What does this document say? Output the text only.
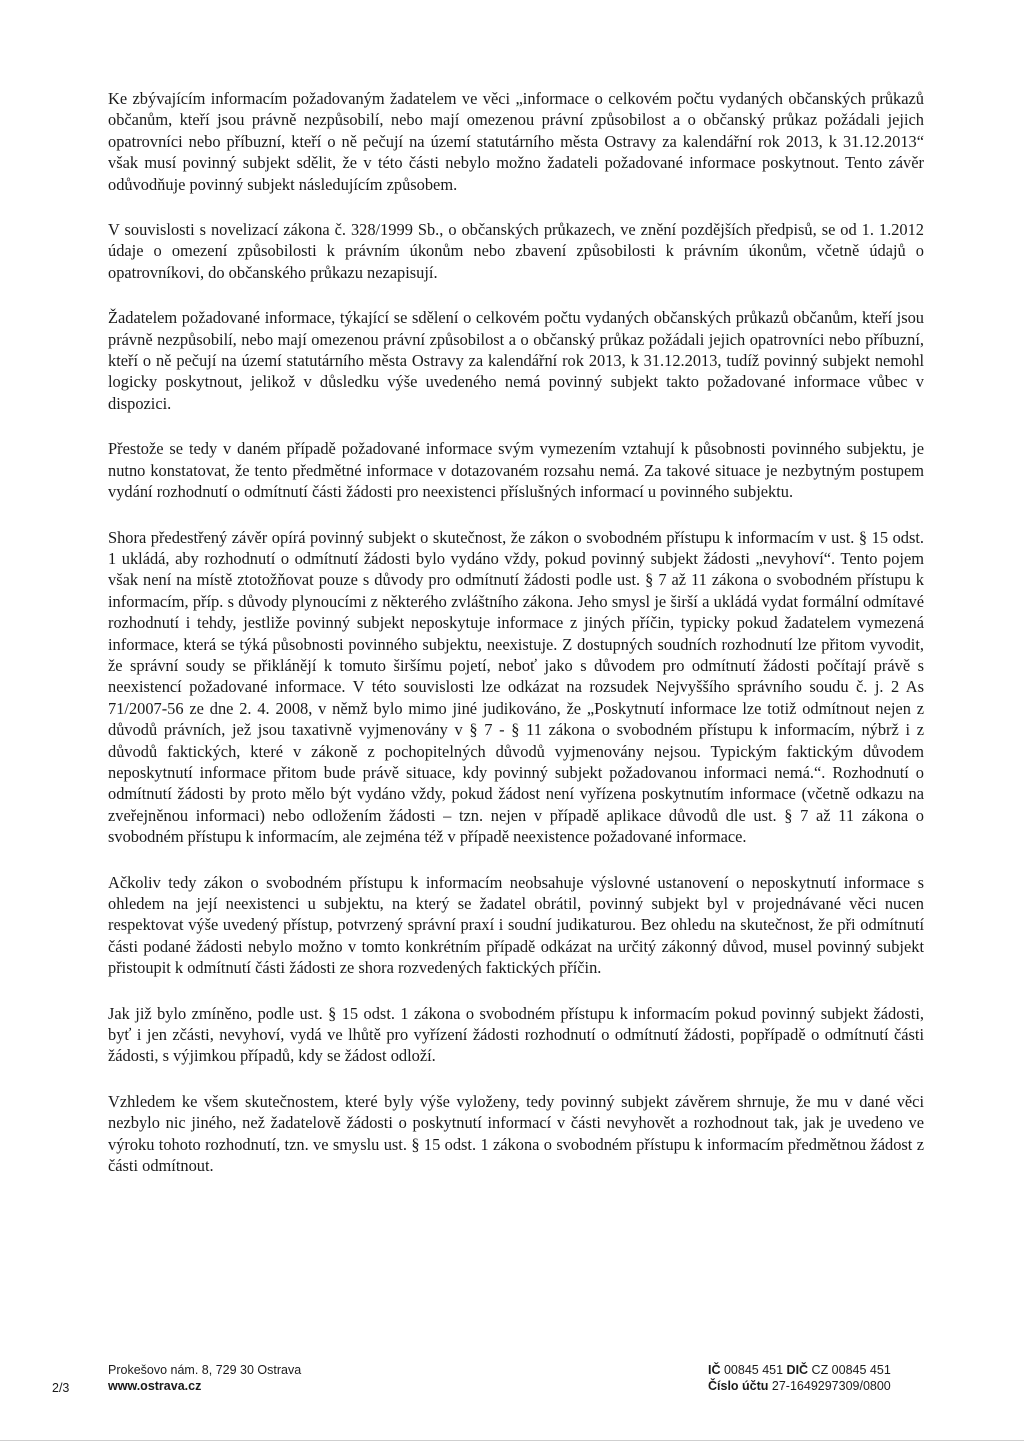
Ke zbývajícím informacím požadovaným žadatelem ve věci „informace o celkovém počtu vydaných občanských průkazů občanům, kteří jsou právně nezpůsobilí, nebo mají omezenou právní způsobilost a o občanský průkaz požádali jejich opatrovníci nebo příbuzní, kteří o ně pečují na území statutárního města Ostravy za kalendářní rok 2013, k 31.12.2013“ však musí povinný subjekt sdělit, že v této části nebylo možno žadateli požadované informace poskytnout. Tento závěr odůvodňuje povinný subjekt následujícím způsobem.

V souvislosti s novelizací zákona č. 328/1999 Sb., o občanských průkazech, ve znění pozdějších předpisů, se od 1. 1.2012 údaje o omezení způsobilosti k právním úkonům nebo zbavení způsobilosti k právním úkonům, včetně údajů o opatrovníkovi, do občanského průkazu nezapisují.

Žadatelem požadované informace, týkající se sdělení o celkovém počtu vydaných občanských průkazů občanům, kteří jsou právně nezpůsobilí, nebo mají omezenou právní způsobilost a o občanský průkaz požádali jejich opatrovníci nebo příbuzní, kteří o ně pečují na území statutárního města Ostravy za kalendářní rok 2013, k 31.12.2013, tudíž povinný subjekt nemohl logicky poskytnout, jelikož v důsledku výše uvedeného nemá povinný subjekt takto požadované informace vůbec v dispozici.

Přestože se tedy v daném případě požadované informace svým vymezením vztahují k působnosti povinného subjektu, je nutno konstatovat, že tento předmětné informace v dotazovaném rozsahu nemá. Za takové situace je nezbytným postupem vydání rozhodnutí o odmítnutí části žádosti pro neexistenci příslušných informací u povinného subjektu.

Shora předestřený závěr opírá povinný subjekt o skutečnost, že zákon o svobodném přístupu k informacím v ust. § 15 odst. 1 ukládá, aby rozhodnutí o odmítnutí žádosti bylo vydáno vždy, pokud povinný subjekt žádosti „nevyhoví“. Tento pojem však není na místě ztotožňovat pouze s důvody pro odmítnutí žádosti podle ust. § 7 až 11 zákona o svobodném přístupu k informacím, příp. s důvody plynoucími z některého zvláštního zákona. Jeho smysl je širší a ukládá vydat formální odmítavé rozhodnutí i tehdy, jestliže povinný subjekt neposkytuje informace z jiných příčin, typicky pokud žadatelem vymezená informace, která se týká působnosti povinného subjektu, neexistuje. Z dostupných soudních rozhodnutí lze přitom vyvodit, že správní soudy se přiklánějí k tomuto širšímu pojetí, neboť jako s důvodem pro odmítnutí žádosti počítají právě s neexistencí požadované informace. V této souvislosti lze odkázat na rozsudek Nejvyššího správního soudu č. j. 2 As 71/2007-56 ze dne 2. 4. 2008, v němž bylo mimo jiné judikováno, že „Poskytnutí informace lze totiž odmítnout nejen z důvodů právních, jež jsou taxativně vyjmenovány v § 7 - § 11 zákona o svobodném přístupu k informacím, nýbrž i z důvodů faktických, které v zákoně z pochopitelných důvodů vyjmenovány nejsou. Typickým faktickým důvodem neposkytnutí informace přitom bude právě situace, kdy povinný subjekt požadovanou informaci nemá.“. Rozhodnutí o odmítnutí žádosti by proto mělo být vydáno vždy, pokud žádost není vyřízena poskytnutím informace (včetně odkazu na zveřejněnou informaci) nebo odložením žádosti – tzn. nejen v případě aplikace důvodů dle ust. § 7 až 11 zákona o svobodném přístupu k informacím, ale zejména též v případě neexistence požadované informace.

Ačkoliv tedy zákon o svobodném přístupu k informacím neobsahuje výslovné ustanovení o neposkytnutí informace s ohledem na její neexistenci u subjektu, na který se žadatel obrátil, povinný subjekt byl v projednávané věci nucen respektovat výše uvedený přístup, potvrzený správní praxí i soudní judikaturou. Bez ohledu na skutečnost, že při odmítnutí části podané žádosti nebylo možno v tomto konkrétním případě odkázat na určitý zákonný důvod, musel povinný subjekt přistoupit k odmítnutí části žádosti ze shora rozvedených faktických příčin.

Jak již bylo zmíněno, podle ust. § 15 odst. 1 zákona o svobodném přístupu k informacím pokud povinný subjekt žádosti, byť i jen zčásti, nevyhoví, vydá ve lhůtě pro vyřízení žádosti rozhodnutí o odmítnutí žádosti, popřípadě o odmítnutí části žádosti, s výjimkou případů, kdy se žádost odloží.

Vzhledem ke všem skutečnostem, které byly výše vyloženy, tedy povinný subjekt závěrem shrnuje, že mu v dané věci nezbylo nic jiného, než žadatelově žádosti o poskytnutí informací v části nevyhovět a rozhodnout tak, jak je uvedeno ve výroku tohoto rozhodnutí, tzn. ve smyslu ust. § 15 odst. 1 zákona o svobodném přístupu k informacím předmětnou žádost z části odmítnout.

2/3
Prokešovo nám. 8, 729 30 Ostrava
www.ostrava.cz
IČ 00845 451 DIČ CZ 00845 451
Číslo účtu 27-1649297309/0800
